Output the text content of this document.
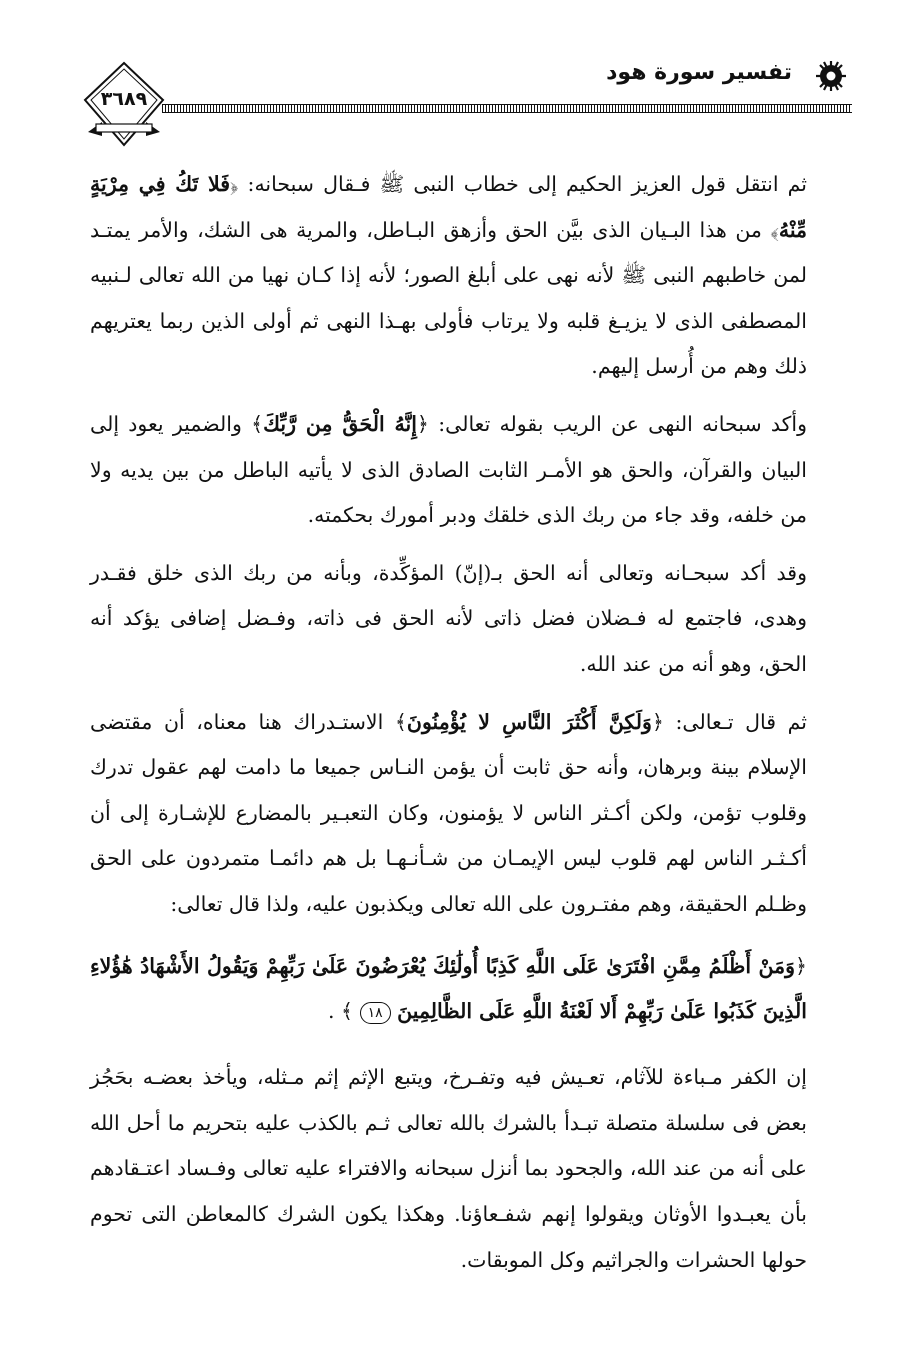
تفسير سورة هود
٣٦٨٩

ثم انتقل قول العزيز الحكيم إلى خطاب النبى ﷺ فـقال سبحانه: ﴿فَلا تَكُ فِي مِرْيَةٍ مِّنْهُ﴾ من هذا البـيان الذى بيَّن الحق وأزهق البـاطل، والمرية هى الشك، والأمر يمتـد لمن خاطبهم النبى ﷺ لأنه نهى على أبلغ الصور؛ لأنه إذا كـان نهيا من الله تعالى لـنبيه المصطفى الذى لا يزيـغ قلبه ولا يرتاب فأولى بهـذا النهى ثم أولى الذين ربما يعتريهم ذلك وهم من أُرسل إليهم.

وأكد سبحانه النهى عن الريب بقوله تعالى: ﴿إِنَّهُ الْحَقُّ مِن رَّبِّكَ﴾ والضمير يعود إلى البيان والقرآن، والحق هو الأمـر الثابت الصادق الذى لا يأتيه الباطل من بين يديه ولا من خلفه، وقد جاء من ربك الذى خلقك ودبر أمورك بحكمته.

وقد أكد سبحـانه وتعالى أنه الحق بـ(إنّ) المؤكِّدة، وبأنه من ربك الذى خلق فقـدر وهدى، فاجتمع له فـضلان فضل ذاتى لأنه الحق فى ذاته، وفـضل إضافى يؤكد أنه الحق، وهو أنه من عند الله.

ثم قال تـعالى: ﴿وَلَكِنَّ أَكْثَرَ النَّاسِ لا يُؤْمِنُونَ﴾ الاستـدراك هنا معناه، أن مقتضى الإسلام بينة وبرهان، وأنه حق ثابت أن يؤمن النـاس جميعا ما دامت لهم عقول تدرك وقلوب تؤمن، ولكن أكـثر الناس لا يؤمنون، وكان التعبـير بالمضارع للإشـارة إلى أن أكـثـر الناس لهم قلوب ليس الإيمـان من شـأنـهـا بل هم دائمـا متمردون على الحق وظـلم الحقيقة، وهم مفتـرون على الله تعالى ويكذبون عليه، ولذا قال تعالى:

﴿وَمَنْ أَظْلَمُ مِمَّنِ افْتَرَىٰ عَلَى اللَّهِ كَذِبًا أُولَٰئِكَ يُعْرَضُونَ عَلَىٰ رَبِّهِمْ وَيَقُولُ الأَشْهَادُ هَٰؤُلاءِ الَّذِينَ كَذَبُوا عَلَىٰ رَبِّهِمْ أَلا لَعْنَةُ اللَّهِ عَلَى الظَّالِمِينَ ١٨ ﴾ .

إن الكفر مـباءة للآثام، تعـيش فيه وتفـرخ، ويتبع الإثم إثم مـثله، ويأخذ بعضـه بحَجُز بعض فى سلسلة متصلة تبـدأ بالشرك بالله تعالى ثـم بالكذب عليه بتحريم ما أحل الله على أنه من عند الله، والجحود بما أنزل سبحانه والافتراء عليه تعالى وفـساد اعتـقادهم بأن يعبـدوا الأوثان ويقولوا إنهم شفـعاؤنا. وهكذا يكون الشرك كالمعاطن التى تحوم حولها الحشرات والجراثيم وكل الموبقات.
